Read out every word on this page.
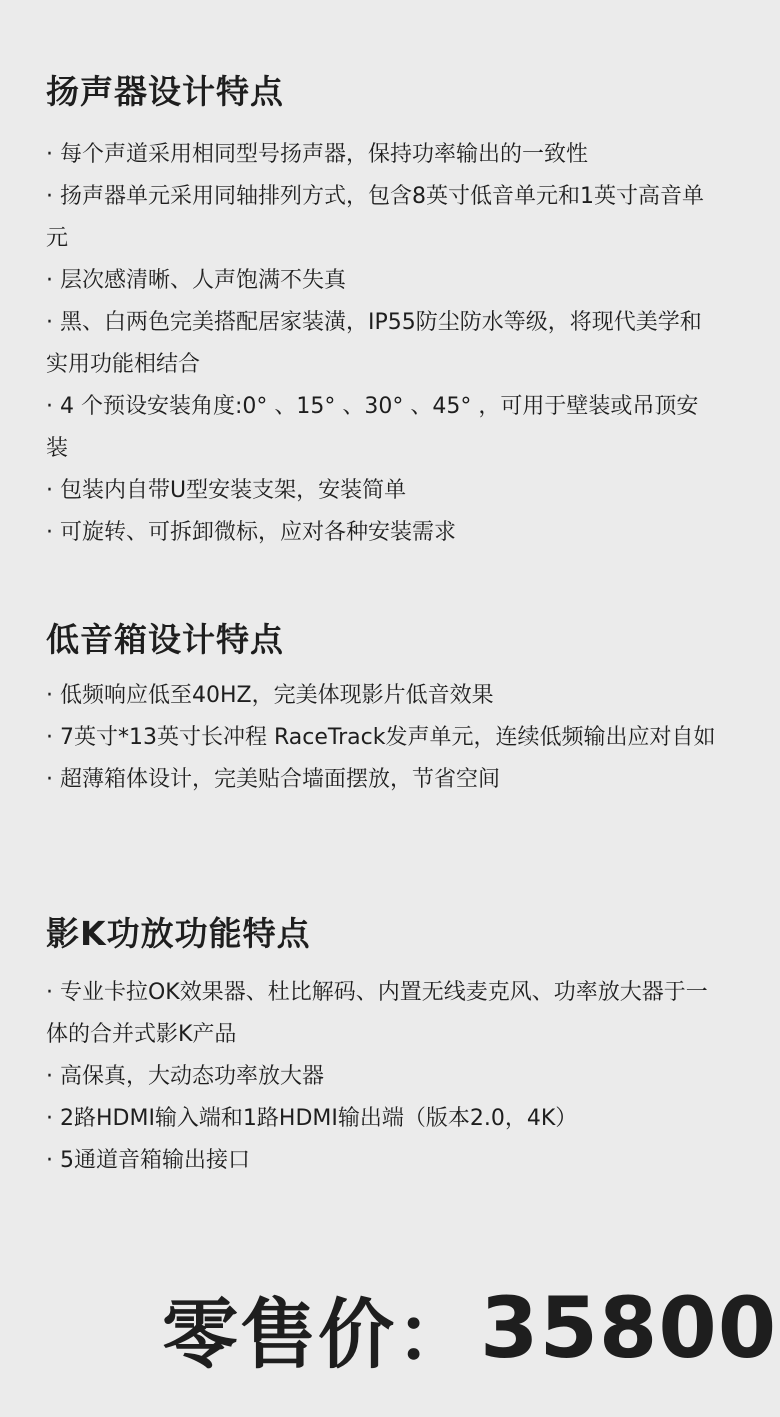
扬声器设计特点
· 每个声道采用相同型号扬声器，保持功率输出的一致性
· 扬声器单元采用同轴排列方式，包含8英寸低音单元和1英寸高音单元
· 层次感清晰、人声饱满不失真
· 黑、白两色完美搭配居家装潢，IP55防尘防水等级，将现代美学和实用功能相结合
· 4 个预设安装角度:0° 、15° 、30° 、45° ，可用于壁装或吊顶安装
· 包装内自带U型安装支架，安装简单
· 可旋转、可拆卸微标，应对各种安装需求
低音箱设计特点
· 低频响应低至40HZ，完美体现影片低音效果
· 7英寸*13英寸长冲程 RaceTrack发声单元，连续低频输出应对自如
· 超薄箱体设计，完美贴合墙面摆放，节省空间
影K功放功能特点
· 专业卡拉OK效果器、杜比解码、内置无线麦克风、功率放大器于一体的合并式影K产品
· 高保真，大动态功率放大器
· 2路HDMI输入端和1路HDMI输出端（版本2.0，4K）
· 5通道音箱输出接口
零售价： 35800
